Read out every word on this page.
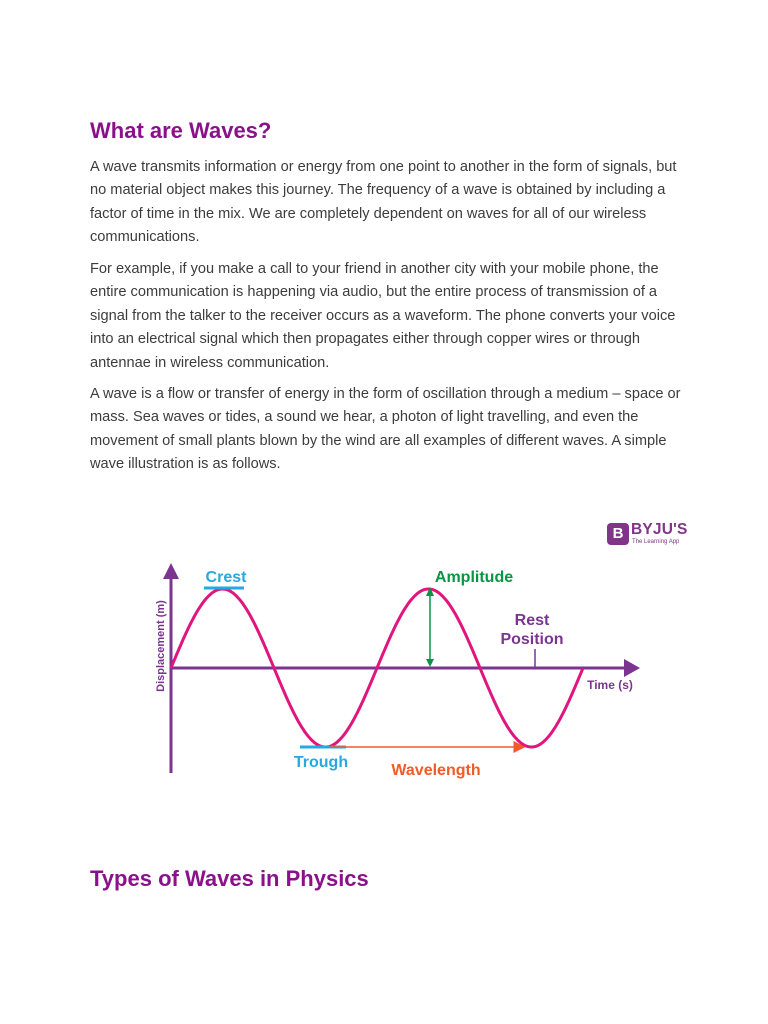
What are Waves?

A wave transmits information or energy from one point to another in the form of signals, but no material object makes this journey. The frequency of a wave is obtained by including a factor of time in the mix. We are completely dependent on waves for all of our wireless communications.

For example, if you make a call to your friend in another city with your mobile phone, the entire communication is happening via audio, but the entire process of transmission of a signal from the talker to the receiver occurs as a waveform. The phone converts your voice into an electrical signal which then propagates either through copper wires or through antennae in wireless communication.

A wave is a flow or transfer of energy in the form of oscillation through a medium – space or mass. Sea waves or tides, a sound we hear, a photon of light travelling, and even the movement of small plants blown by the wind are all examples of different waves. A simple wave illustration is as follows.

B BYJU'S
The Learning App
Crest	Amplitude
Rest
Position
Time (s)
Displacement (m)
Trough	Wavelength
Types of Waves in Physics
